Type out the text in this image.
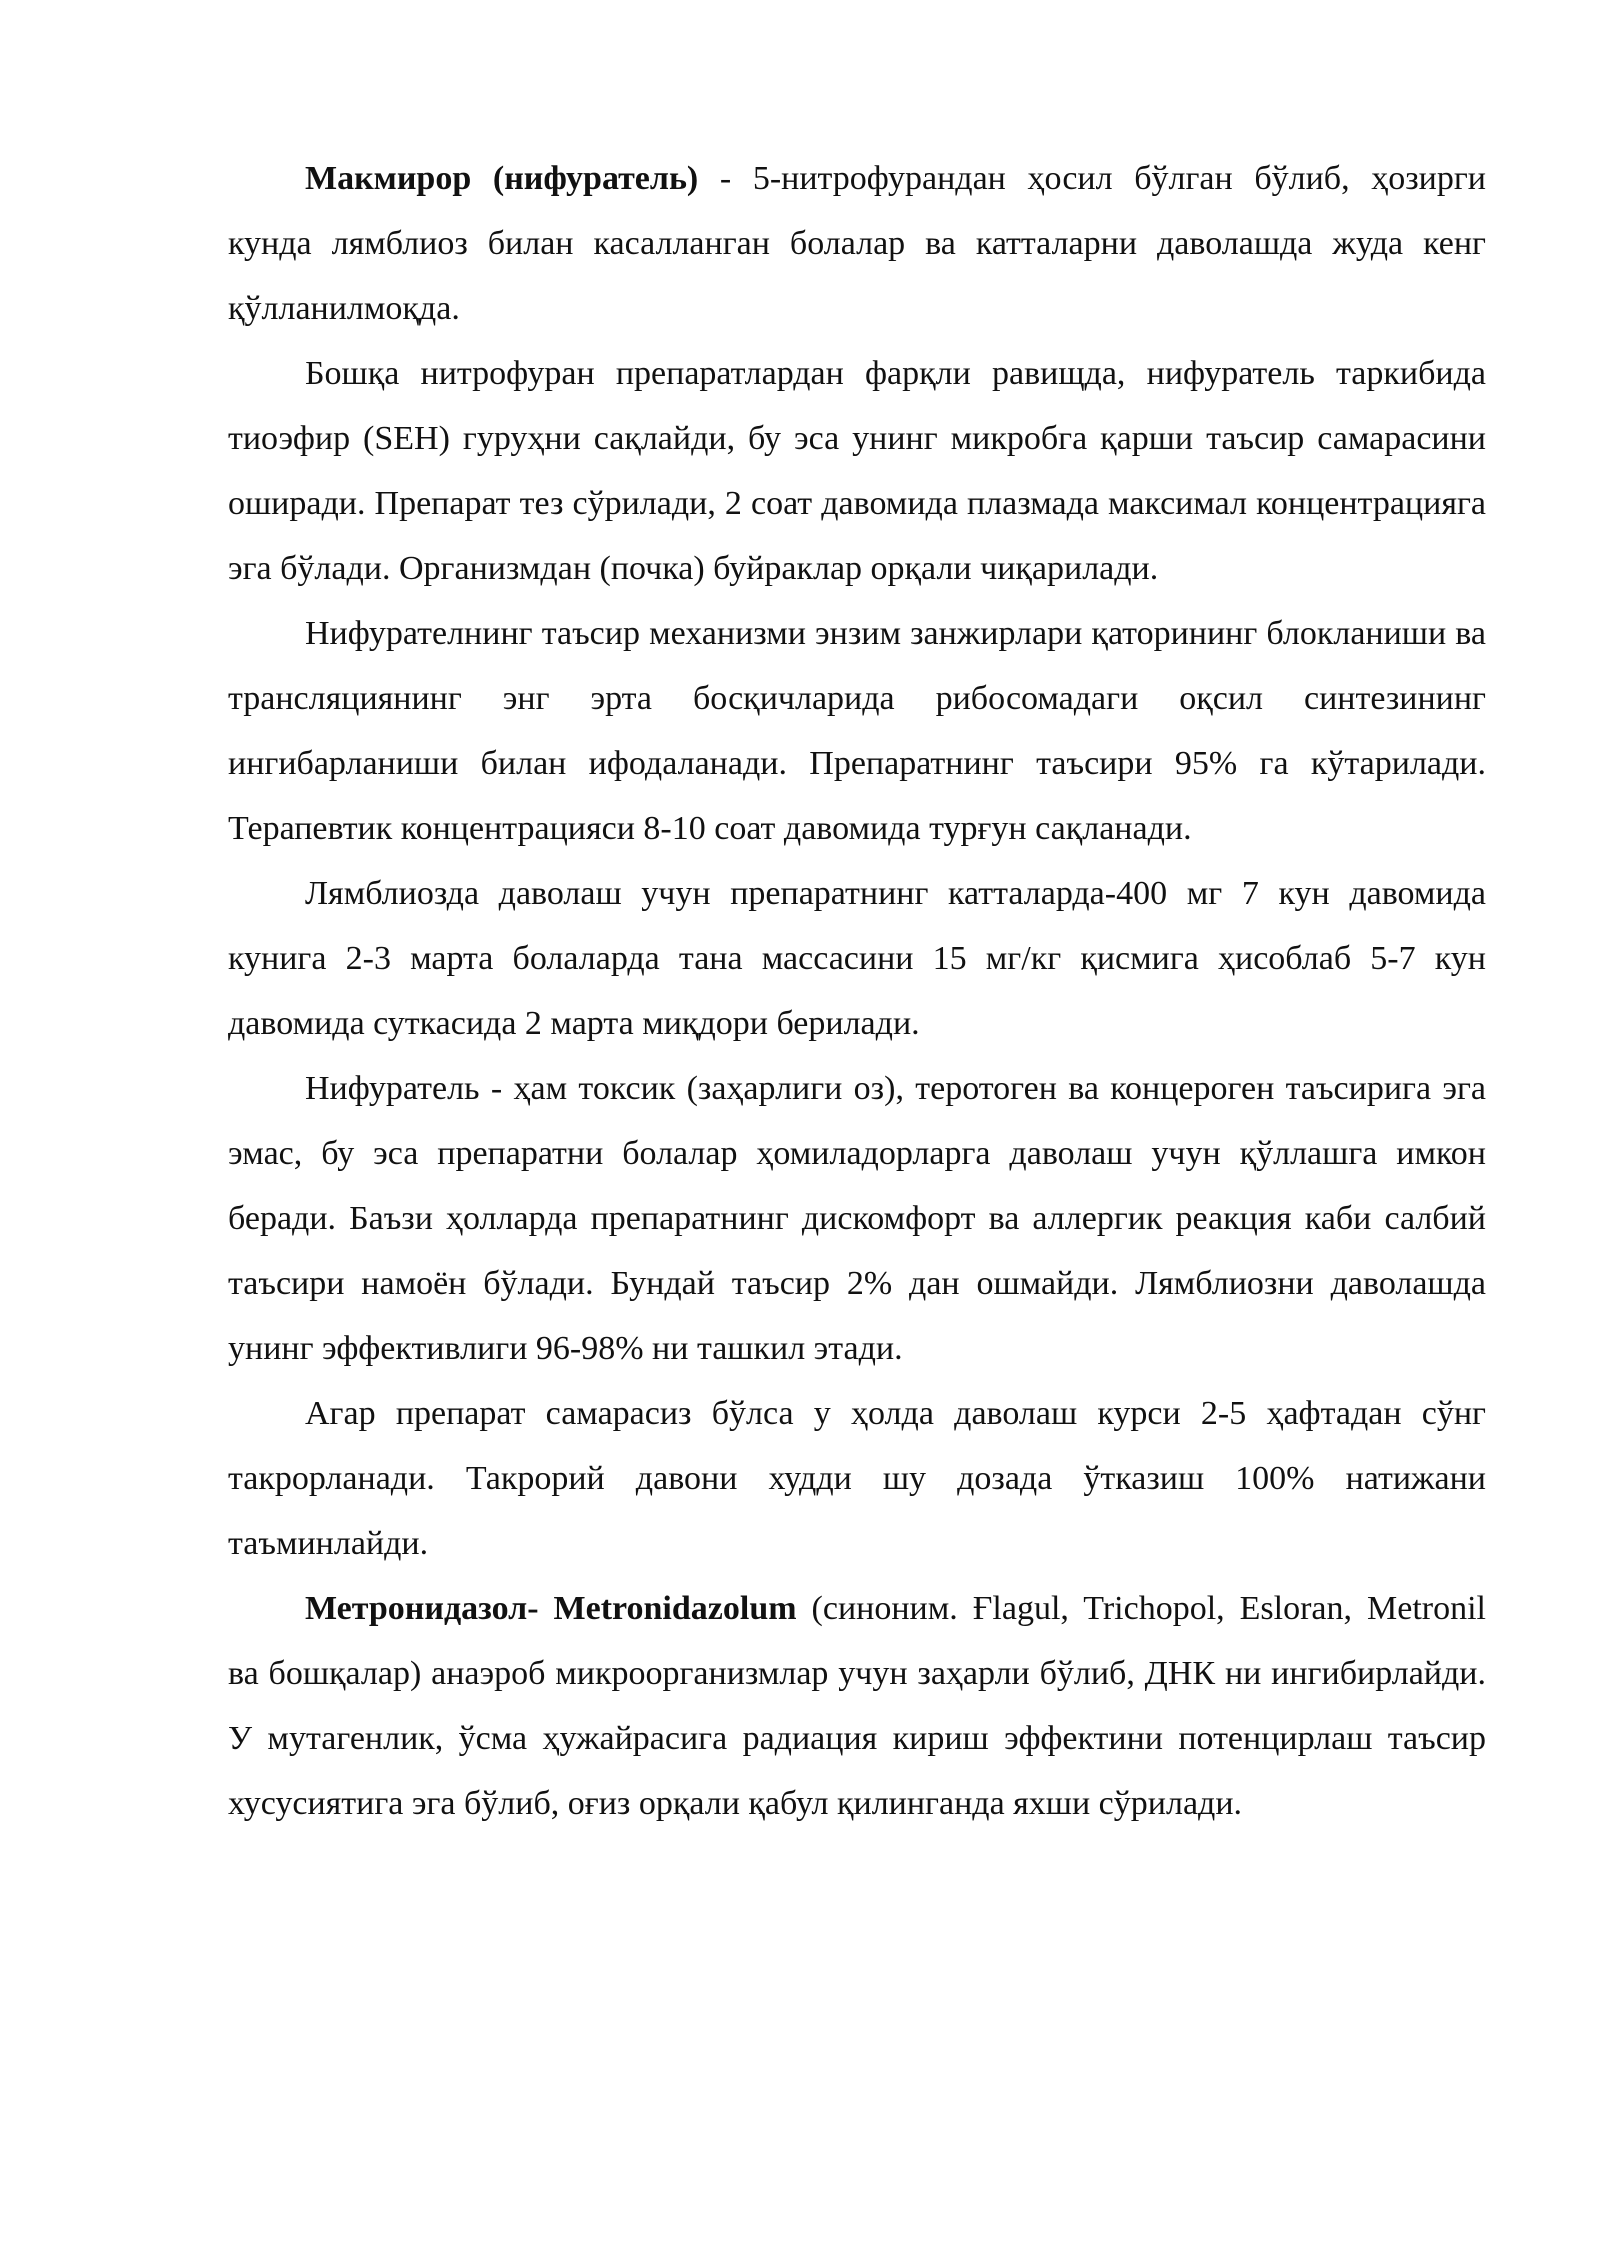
Макмирор (нифуратель) - 5-нитрофурандан ҳосил бўлган бўлиб, ҳозирги кунда лямблиоз билан касалланган болалар ва катталарни даволашда жуда кенг қўлланилмоқда.

Бошқа нитрофуран препаратлардан фарқли равищда, нифуратель таркибида тиоэфир (SEH) гуруҳни сақлайди, бу эса унинг микробга қарши таъсир самарасини оширади. Препарат тез сўрилади, 2 соат давомида плазмада максимал концентрацияга эга бўлади. Организмдан (почка) буйраклар орқали чиқарилади.

Нифурателнинг таъсир механизми энзим занжирлари қаторининг блокланиши ва трансляциянинг энг эрта босқичларида рибосомадаги оқсил синтезининг ингибарланиши билан ифодаланади. Препаратнинг таъсири 95% га кўтарилади. Терапевтик концентрацияси 8-10 соат давомида турғун сақланади.

Лямблиозда даволаш учун препаратнинг катталарда-400 мг 7 кун давомида кунига 2-3 марта болаларда тана массасини 15 мг/кг қисмига ҳисоблаб 5-7 кун давомида суткасида 2 марта миқдори берилади.

Нифуратель - ҳам токсик (заҳарлиги оз), теротоген ва концероген таъсирига эга эмас, бу эса препаратни болалар ҳомиладорларга даволаш учун қўллашга имкон беради. Баъзи ҳолларда препаратнинг дискомфорт ва аллергик реакция каби салбий таъсири намоён бўлади. Бундай таъсир 2% дан ошмайди. Лямблиозни даволашда унинг эффективлиги 96-98% ни ташкил этади.

Агар препарат самарасиз бўлса у ҳолда даволаш курси 2-5 ҳафтадан сўнг такрорланади. Такрорий давони худди шу дозада ўтказиш 100% натижани таъминлайди.

Метронидазол- Metronidazolum (синоним. Ғlagul, Trichopol, Esloran, Metronil ва бошқалар) анаэроб микроорганизмлар учун заҳарли бўлиб, ДНК ни ингибирлайди. У мутагенлик, ўсма ҳужайрасига радиация кириш эффектини потенцирлаш таъсир хусусиятига эга бўлиб, оғиз орқали қабул қилинганда яхши сўрилади.
